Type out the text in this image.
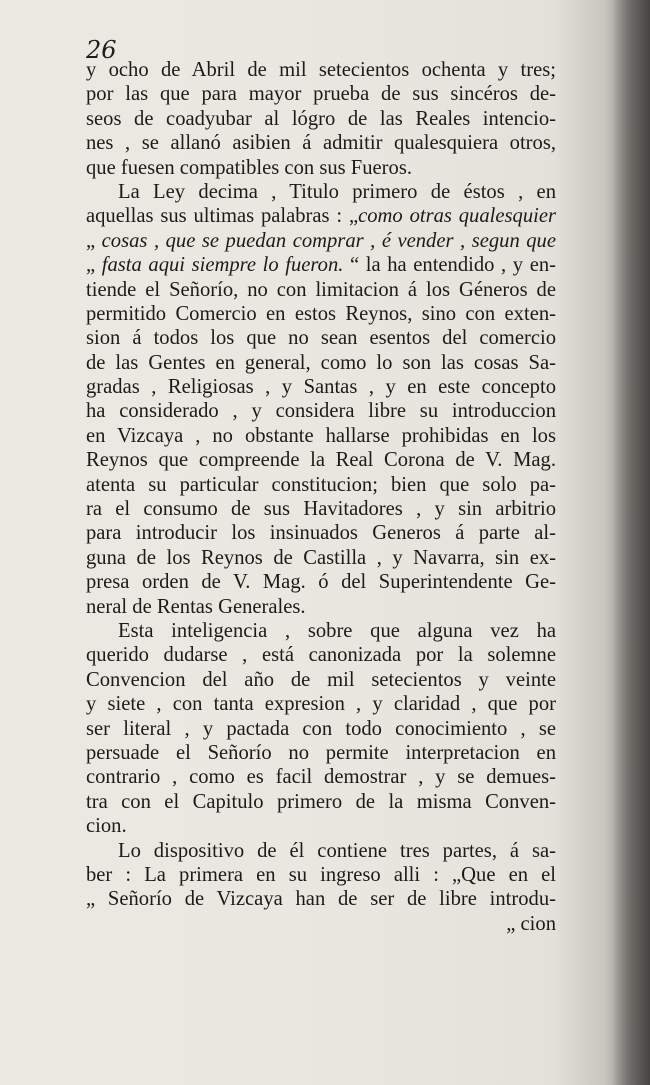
26
y ocho de Abril de mil setecientos ochenta y tres;
por las que para mayor prueba de sus sincéros de-
seos de coadyubar al lógro de las Reales intencio-
nes , se allanó asibien á admitir qualesquiera otros,
que fuesen compatibles con sus Fueros.
La Ley decima , Titulo primero de éstos , en
aquellas sus ultimas palabras : „como otras qualesquier
„ cosas , que se puedan comprar , é vender , segun que
„ fasta aqui siempre lo fueron. “ la ha entendido , y en-
tiende el Señorío, no con limitacion á los Géneros de
permitido Comercio en estos Reynos, sino con exten-
sion á todos los que no sean esentos del comercio
de las Gentes en general, como lo son las cosas Sa-
gradas , Religiosas , y Santas , y en este concepto
ha considerado , y considera libre su introduccion
en Vizcaya , no obstante hallarse prohibidas en los
Reynos que compreende la Real Corona de V. Mag.
atenta su particular constitucion; bien que solo pa-
ra el consumo de sus Havitadores , y sin arbitrio
para introducir los insinuados Generos á parte al-
guna de los Reynos de Castilla , y Navarra, sin ex-
presa orden de V. Mag. ó del Superintendente Ge-
neral de Rentas Generales.
Esta inteligencia , sobre que alguna vez ha
querido dudarse , está canonizada por la solemne
Convencion del año de mil setecientos y veinte
y siete , con tanta expresion , y claridad , que por
ser literal , y pactada con todo conocimiento , se
persuade el Señorío no permite interpretacion en
contrario , como es facil demostrar , y se demues-
tra con el Capitulo primero de la misma Conven-
cion.
Lo dispositivo de él contiene tres partes, á sa-
ber : La primera en su ingreso alli : „Que en el
„ Señorío de Vizcaya han de ser de libre introdu-
„ cion
